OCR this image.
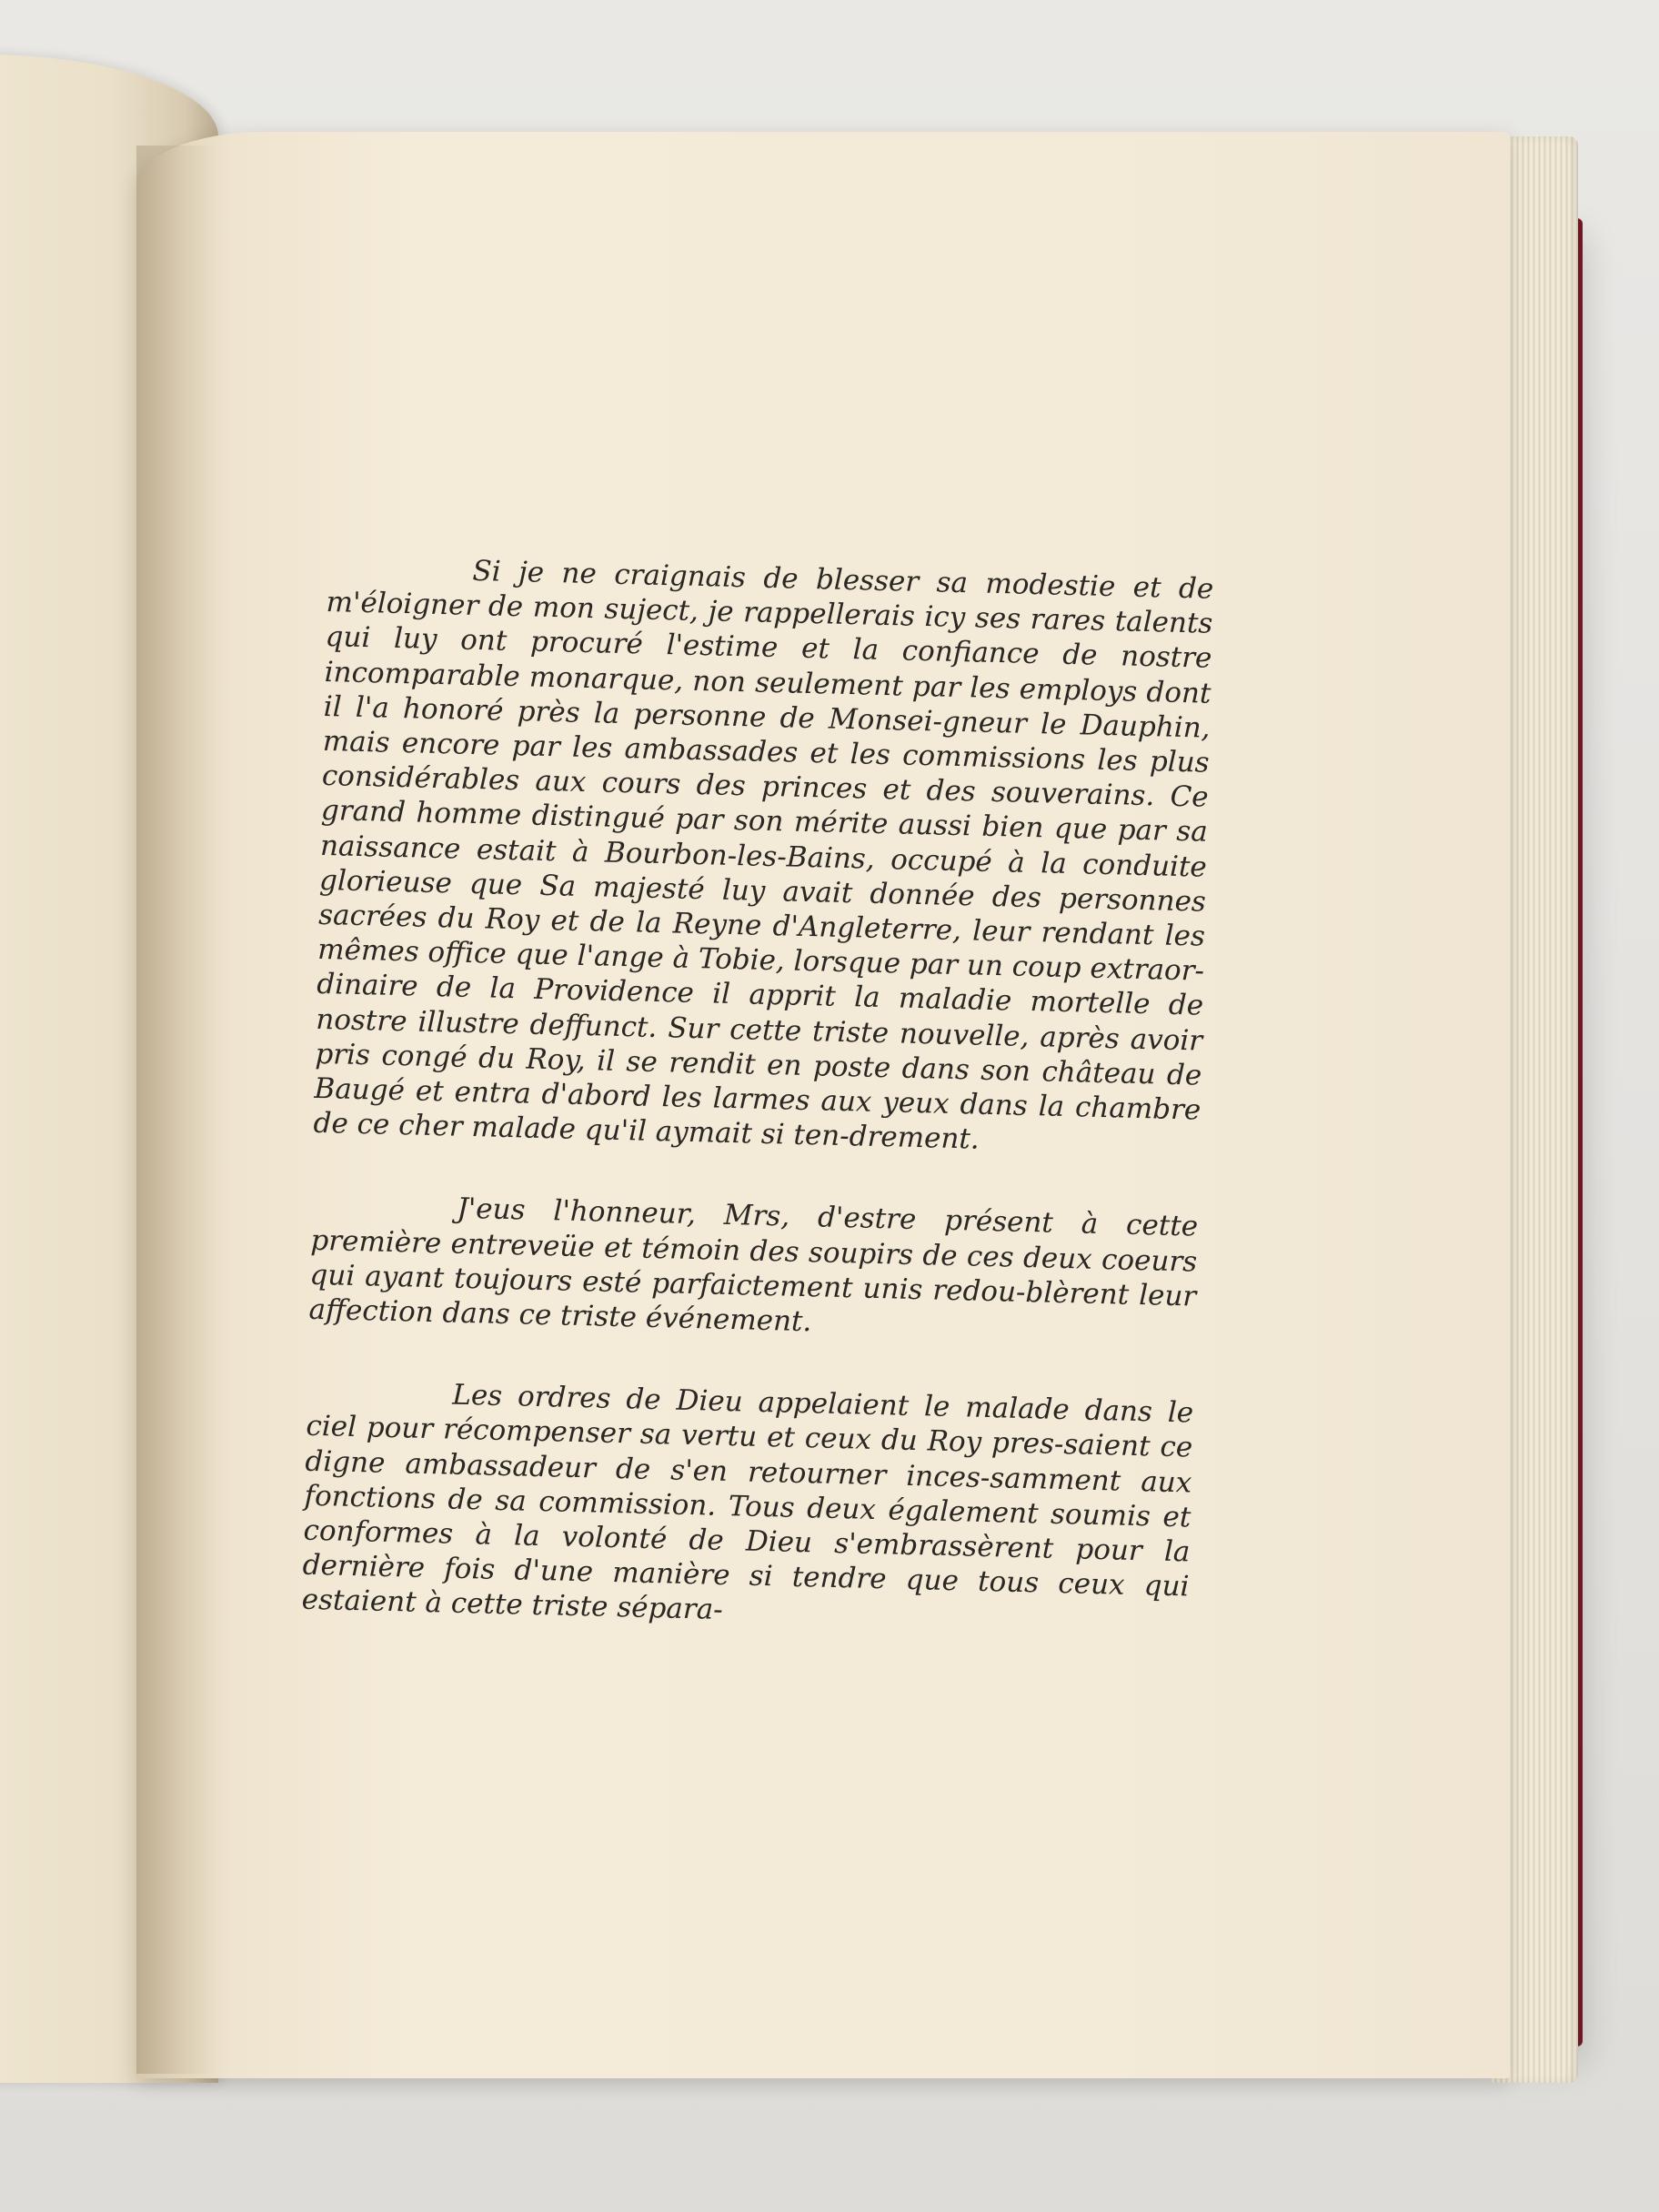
Si je ne craignais de blesser sa modestie et de m'éloigner de mon suject, je rappellerais icy ses rares talents qui luy ont procuré l'estime et la confiance de nostre incomparable monarque, non seulement par les employs dont il l'a honoré près la personne de Monsei-gneur le Dauphin, mais encore par les ambassades et les commissions les plus considérables aux cours des princes et des souverains. Ce grand homme distingué par son mérite aussi bien que par sa naissance estait à Bourbon-les-Bains, occupé à la conduite glorieuse que Sa majesté luy avait donnée des personnes sacrées du Roy et de la Reyne d'Angleterre, leur rendant les mêmes office que l'ange à Tobie, lorsque par un coup extraor-dinaire de la Providence il apprit la maladie mortelle de nostre illustre deffunct. Sur cette triste nouvelle, après avoir pris congé du Roy, il se rendit en poste dans son château de Baugé et entra d'abord les larmes aux yeux dans la chambre de ce cher malade qu'il aymait si ten-drement.

J'eus l'honneur, Mrs, d'estre présent à cette première entreveüe et témoin des soupirs de ces deux coeurs qui ayant toujours esté parfaictement unis redou-blèrent leur affection dans ce triste événement.

Les ordres de Dieu appelaient le malade dans le ciel pour récompenser sa vertu et ceux du Roy pres-saient ce digne ambassadeur de s'en retourner inces-samment aux fonctions de sa commission. Tous deux également soumis et conformes à la volonté de Dieu s'embrassèrent pour la dernière fois d'une manière si tendre que tous ceux qui estaient à cette triste sépara-
